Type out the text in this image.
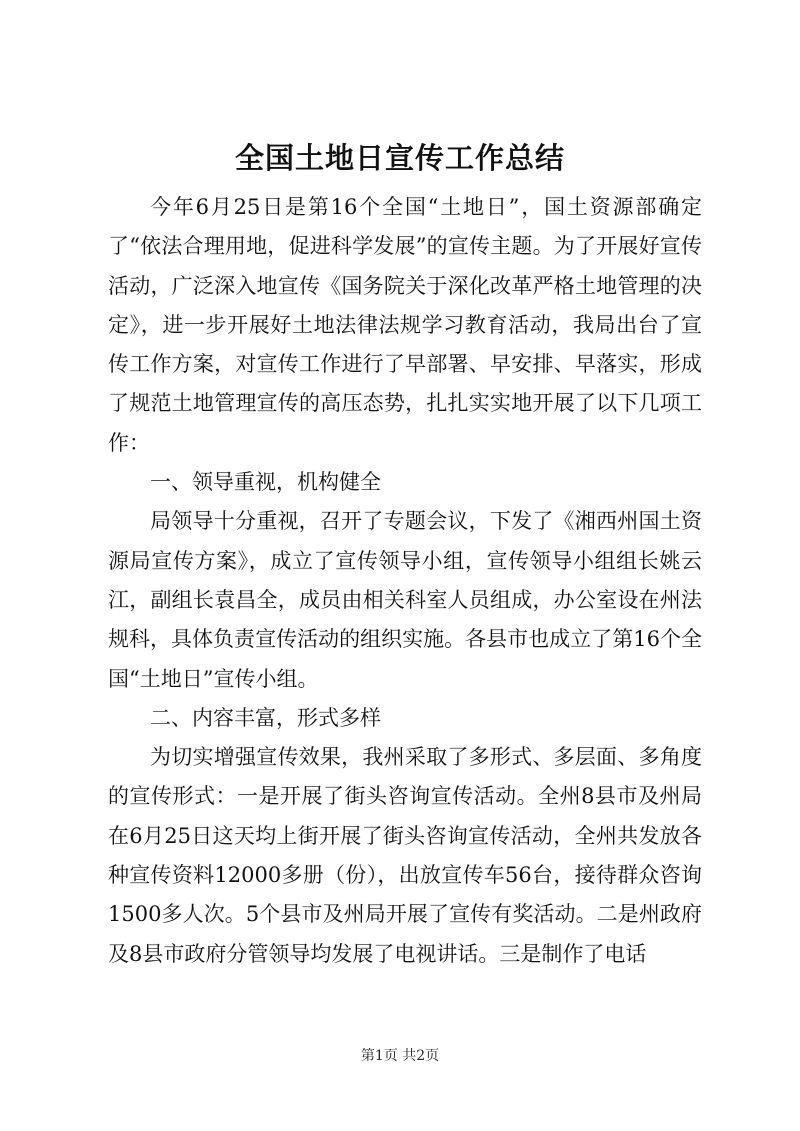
全国土地日宣传工作总结

今年6月25日是第16个全国“土地日”，国土资源部确定了“依法合理用地，促进科学发展”的宣传主题。为了开展好宣传活动，广泛深入地宣传《国务院关于深化改革严格土地管理的决定》，进一步开展好土地法律法规学习教育活动，我局出台了宣传工作方案，对宣传工作进行了早部署、早安排、早落实，形成了规范土地管理宣传的高压态势，扎扎实实地开展了以下几项工作：

一、领导重视，机构健全

局领导十分重视，召开了专题会议，下发了《湘西州国土资源局宣传方案》，成立了宣传领导小组，宣传领导小组组长姚云江，副组长袁昌全，成员由相关科室人员组成，办公室设在州法规科，具体负责宣传活动的组织实施。各县市也成立了第16个全国“土地日”宣传小组。

二、内容丰富，形式多样

为切实增强宣传效果，我州采取了多形式、多层面、多角度的宣传形式：一是开展了街头咨询宣传活动。全州8县市及州局在6月25日这天均上街开展了街头咨询宣传活动，全州共发放各种宣传资料12000多册（份），出放宣传车56台，接待群众咨询1500多人次。5个县市及州局开展了宣传有奖活动。二是州政府及8县市政府分管领导均发展了电视讲话。三是制作了电话

第1页 共2页
